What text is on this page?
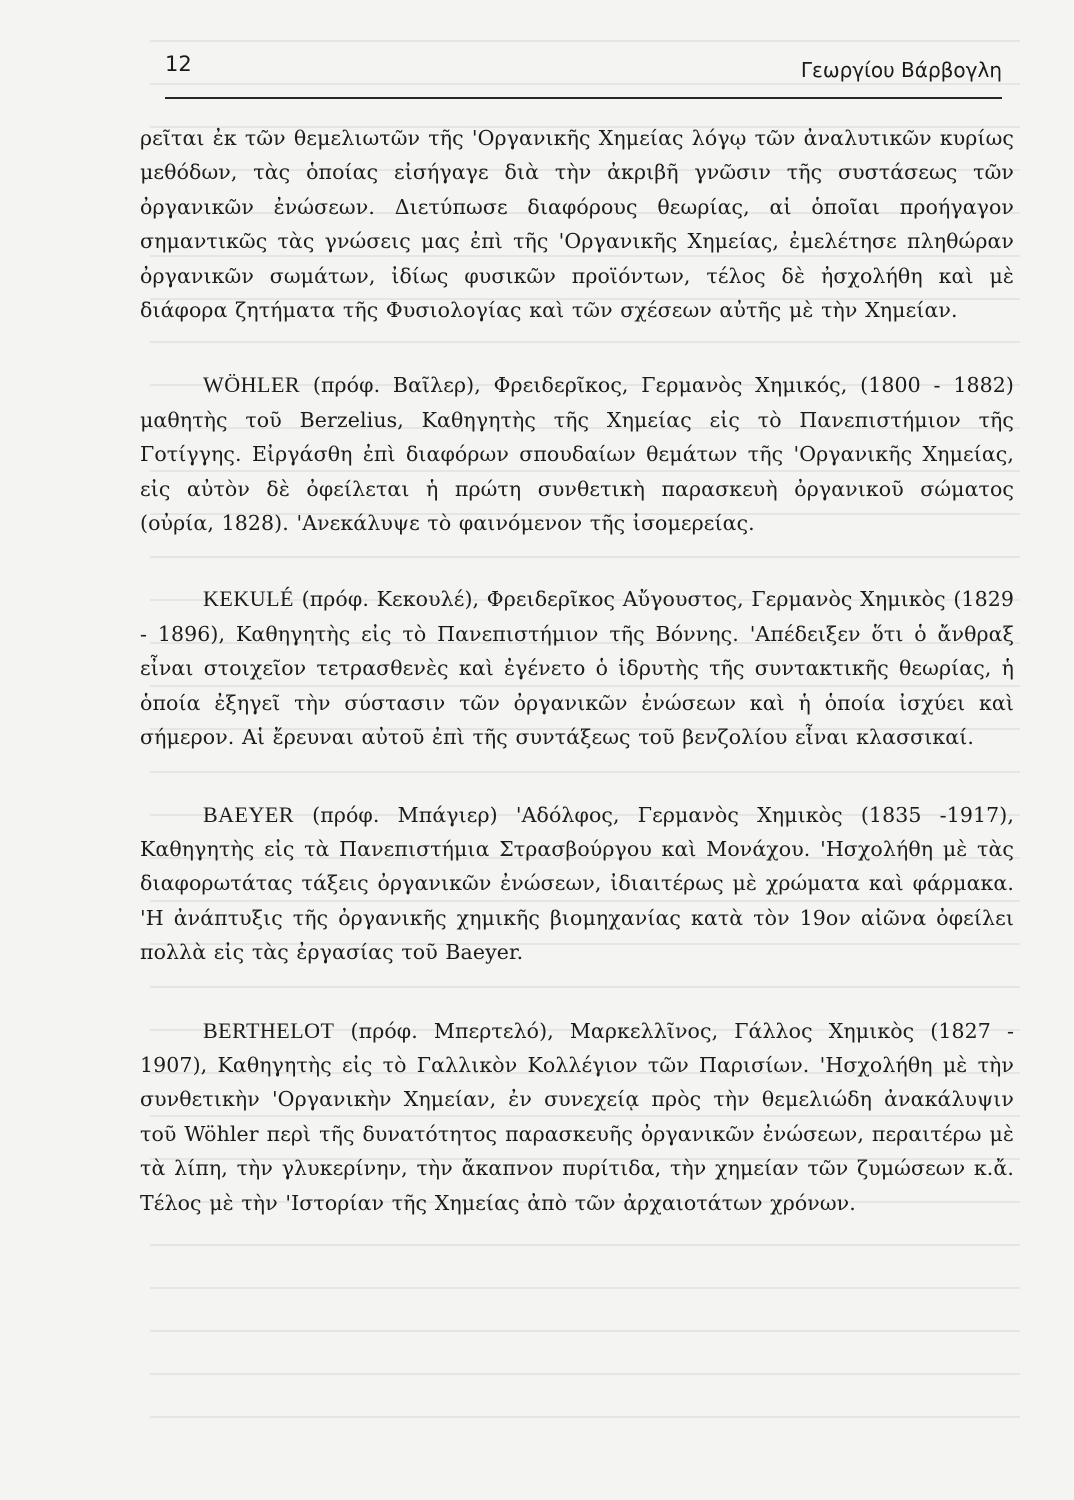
12	Γεωργίου Βάρβογλη

ρεῖται ἐκ τῶν θεμελιωτῶν τῆς 'Οργανικῆς Χημείας λόγῳ τῶν ἀναλυτικῶν κυρίως μεθόδων, τὰς ὁποίας εἰσήγαγε διὰ τὴν ἀκριβῆ γνῶσιν τῆς συστάσεως τῶν ὀργανικῶν ἐνώσεων. Διετύπωσε διαφόρους θεωρίας, αἱ ὁποῖαι προήγαγον σημαντικῶς τὰς γνώσεις μας ἐπὶ τῆς 'Οργανικῆς Χημείας, ἐμελέτησε πληθώραν ὀργανικῶν σωμάτων, ἰδίως φυσικῶν προϊόντων, τέλος δὲ ἠσχολήθη καὶ μὲ διάφορα ζητήματα τῆς Φυσιολογίας καὶ τῶν σχέσεων αὐτῆς μὲ τὴν Χημείαν.

WÖHLER (πρόφ. Βαῖλερ), Φρειδερῖκος, Γερμανὸς Χημικός, (1800 - 1882) μαθητὴς τοῦ Berzelius, Καθηγητὴς τῆς Χημείας εἰς τὸ Πανεπιστήμιον τῆς Γοτίγγης. Εἰργάσθη ἐπὶ διαφόρων σπουδαίων θεμάτων τῆς 'Οργανικῆς Χημείας, εἰς αὐτὸν δὲ ὀφείλεται ἡ πρώτη συνθετικὴ παρασκευὴ ὀργανικοῦ σώματος (οὐρία, 1828). 'Ανεκάλυψε τὸ φαινόμενον τῆς ἰσομερείας.

KEKULÉ (πρόφ. Κεκουλέ), Φρειδερῖκος Αὔγουστος, Γερμανὸς Χημικὸς (1829 - 1896), Καθηγητὴς εἰς τὸ Πανεπιστήμιον τῆς Βόννης. 'Απέδειξεν ὅτι ὁ ἄνθραξ εἶναι στοιχεῖον τετρασθενὲς καὶ ἐγένετο ὁ ἱδρυτὴς τῆς συντακτικῆς θεωρίας, ἡ ὁποία ἐξηγεῖ τὴν σύστασιν τῶν ὀργανικῶν ἐνώσεων καὶ ἡ ὁποία ἰσχύει καὶ σήμερον. Αἱ ἔρευναι αὐτοῦ ἐπὶ τῆς συντάξεως τοῦ βενζολίου εἶναι κλασσικαί.

BAEYER (πρόφ. Μπάγιερ) 'Αδόλφος, Γερμανὸς Χημικὸς (1835 -1917), Καθηγητὴς εἰς τὰ Πανεπιστήμια Στρασβούργου καὶ Μονάχου. 'Ησχολήθη μὲ τὰς διαφορωτάτας τάξεις ὀργανικῶν ἐνώσεων, ἰδιαιτέρως μὲ χρώματα καὶ φάρμακα. 'Η ἀνάπτυξις τῆς ὀργανικῆς χημικῆς βιομηχανίας κατὰ τὸν 19ον αἰῶνα ὀφείλει πολλὰ εἰς τὰς ἐργασίας τοῦ Baeyer.

BERTHELOT (πρόφ. Μπερτελό), Μαρκελλῖνος, Γάλλος Χημικὸς (1827 - 1907), Καθηγητὴς εἰς τὸ Γαλλικὸν Κολλέγιον τῶν Παρισίων. 'Ησχολήθη μὲ τὴν συνθετικὴν 'Οργανικὴν Χημείαν, ἐν συνεχείᾳ πρὸς τὴν θεμελιώδη ἀνακάλυψιν τοῦ Wöhler περὶ τῆς δυνατότητος παρασκευῆς ὀργανικῶν ἐνώσεων, περαιτέρω μὲ τὰ λίπη, τὴν γλυκερίνην, τὴν ἄκαπνον πυρίτιδα, τὴν χημείαν τῶν ζυμώσεων κ.ἄ. Τέλος μὲ τὴν 'Ιστορίαν τῆς Χημείας ἀπὸ τῶν ἀρχαιοτάτων χρόνων.
